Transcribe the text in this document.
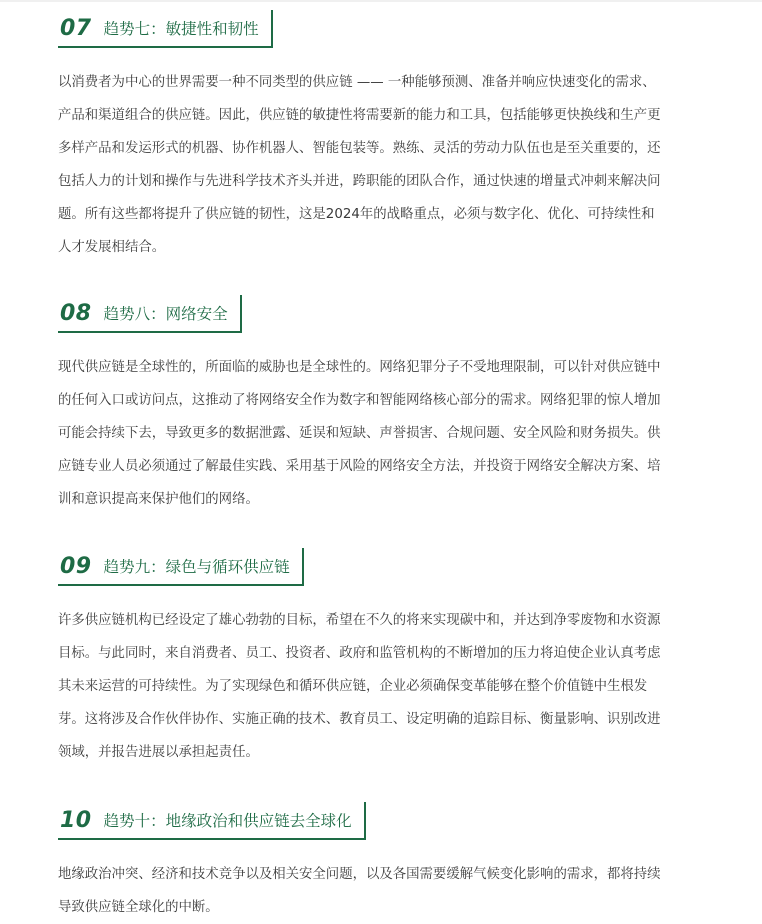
07 趋势七：敏捷性和韧性

以消费者为中心的世界需要一种不同类型的供应链 —— 一种能够预测、准备并响应快速变化的需求、
产品和渠道组合的供应链。因此，供应链的敏捷性将需要新的能力和工具，包括能够更快换线和生产更
多样产品和发运形式的机器、协作机器人、智能包装等。熟练、灵活的劳动力队伍也是至关重要的，还
包括人力的计划和操作与先进科学技术齐头并进，跨职能的团队合作，通过快速的增量式冲刺来解决问
题。所有这些都将提升了供应链的韧性，这是2024年的战略重点，必须与数字化、优化、可持续性和
人才发展相结合。

08 趋势八：网络安全

现代供应链是全球性的，所面临的威胁也是全球性的。网络犯罪分子不受地理限制，可以针对供应链中
的任何入口或访问点，这推动了将网络安全作为数字和智能网络核心部分的需求。网络犯罪的惊人增加
可能会持续下去，导致更多的数据泄露、延误和短缺、声誉损害、合规问题、安全风险和财务损失。供
应链专业人员必须通过了解最佳实践、采用基于风险的网络安全方法，并投资于网络安全解决方案、培
训和意识提高来保护他们的网络。

09 趋势九：绿色与循环供应链

许多供应链机构已经设定了雄心勃勃的目标，希望在不久的将来实现碳中和，并达到净零废物和水资源
目标。与此同时，来自消费者、员工、投资者、政府和监管机构的不断增加的压力将迫使企业认真考虑
其未来运营的可持续性。为了实现绿色和循环供应链，企业必须确保变革能够在整个价值链中生根发
芽。这将涉及合作伙伴协作、实施正确的技术、教育员工、设定明确的追踪目标、衡量影响、识别改进
领域，并报告进展以承担起责任。

10 趋势十：地缘政治和供应链去全球化

地缘政治冲突、经济和技术竞争以及相关安全问题，以及各国需要缓解气候变化影响的需求，都将持续
导致供应链全球化的中断。
